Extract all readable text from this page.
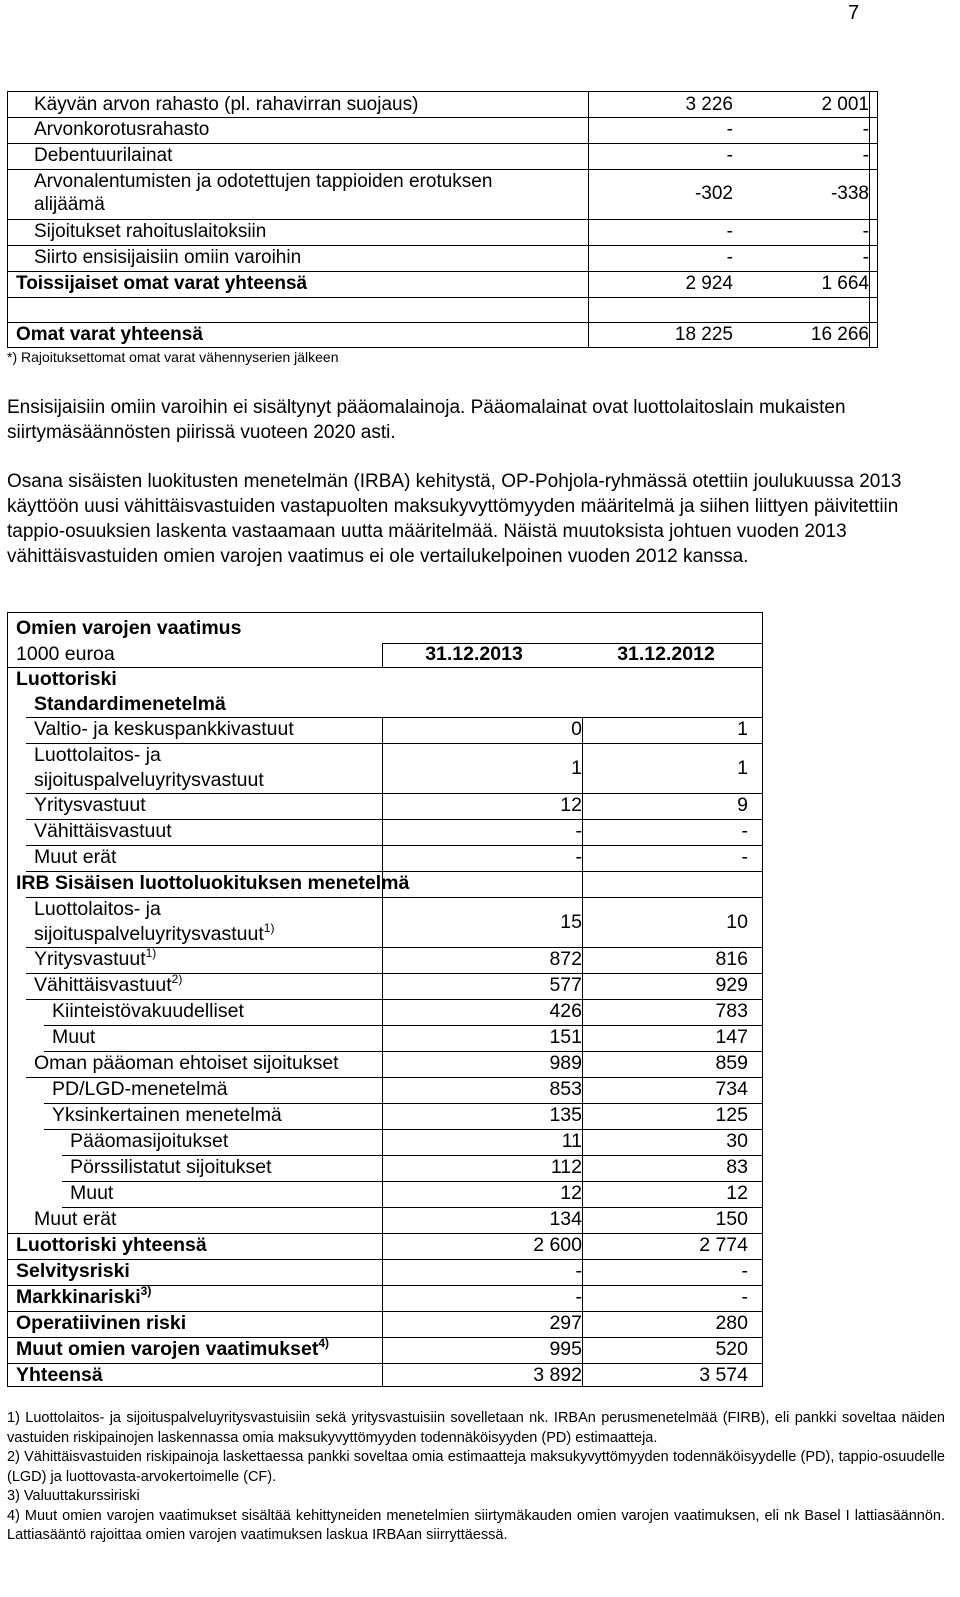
7
Käyvän arvon rahasto (pl. rahavirran suojaus)	3 226	2 001
Arvonkorotusrahasto	-	-
Debentuurilainat	-	-
Arvonalentumisten ja odotettujen tappioiden erotuksen
alijäämä
-302	-338
Sijoitukset rahoituslaitoksiin	-	-
Siirto ensisijaisiin omiin varoihin	-	-
Toissijaiset omat varat yhteensä	2 924	1 664
Omat varat yhteensä	18 225	16 266
*) Rajoituksettomat omat varat vähennyserien jälkeen

Ensisijaisiin omiin varoihin ei sisältynyt pääomalainoja. Pääomalainat ovat luottolaitoslain mukaisten siirtymäsäännösten piirissä vuoteen 2020 asti.

Osana sisäisten luokitusten menetelmän (IRBA) kehitystä, OP-Pohjola-ryhmässä otettiin joulukuussa 2013 käyttöön uusi vähittäisvastuiden vastapuolten maksukyvyttömyyden määritelmä ja siihen liittyen päivitettiin tappio-osuuksien laskenta vastaamaan uutta määritelmää. Näistä muutoksista johtuen vuoden 2013 vähittäisvastuiden omien varojen vaatimus ei ole vertailukelpoinen vuoden 2012 kanssa.

Omien varojen vaatimus
1000 euroa	31.12.2013	31.12.2012
Luottoriski
Standardimenetelmä
Valtio- ja keskuspankkivastuut	0	1
Luottolaitos- ja
sijoituspalveluyritysvastuut
1	1
Yritysvastuut	12	9
Vähittäisvastuut	-	-
Muut erät	-	-
IRB Sisäisen luottoluokituksen menetelmä
Luottolaitos- ja
sijoituspalveluyritysvastuut$^{1)}$	15	10
Yritysvastuut$^{1)}$	872	816
Vähittäisvastuut$^{2)}$	577	929
Kiinteistövakuudelliset	426	783
Muut	151	147
Oman pääoman ehtoiset sijoitukset	989	859
PD/LGD-menetelmä	853	734
Yksinkertainen menetelmä	135	125
Pääomasijoitukset	11	30
Pörssilistatut sijoitukset	112	83
Muut	12	12
Muut erät	134	150
Luottoriski yhteensä	2 600	2 774
Selvitysriski	-	-
Markkinariski$^{3)}$	-	-
Operatiivinen riski	297	280
Muut omien varojen vaatimukset$^{4)}$	995	520
Yhteensä	3 892	3 574
1) Luottolaitos- ja sijoituspalveluyritysvastuisiin sekä yritysvastuisiin sovelletaan nk. IRBAn perusmenetelmää (FIRB), eli pankki soveltaa näiden vastuiden riskipainojen laskennassa omia maksukyvyttömyyden todennäköisyyden (PD) estimaatteja.
2) Vähittäisvastuiden riskipainoja laskettaessa pankki soveltaa omia estimaatteja maksukyvyttömyyden todennäköisyydelle (PD), tappio-osuudelle (LGD) ja luottovasta-arvokertoimelle (CF).
3) Valuuttakurssiriski
4) Muut omien varojen vaatimukset sisältää kehittyneiden menetelmien siirtymäkauden omien varojen vaatimuksen, eli nk Basel I lattiasäännön. Lattiasääntö rajoittaa omien varojen vaatimuksen laskua IRBAan siirryttäessä.
